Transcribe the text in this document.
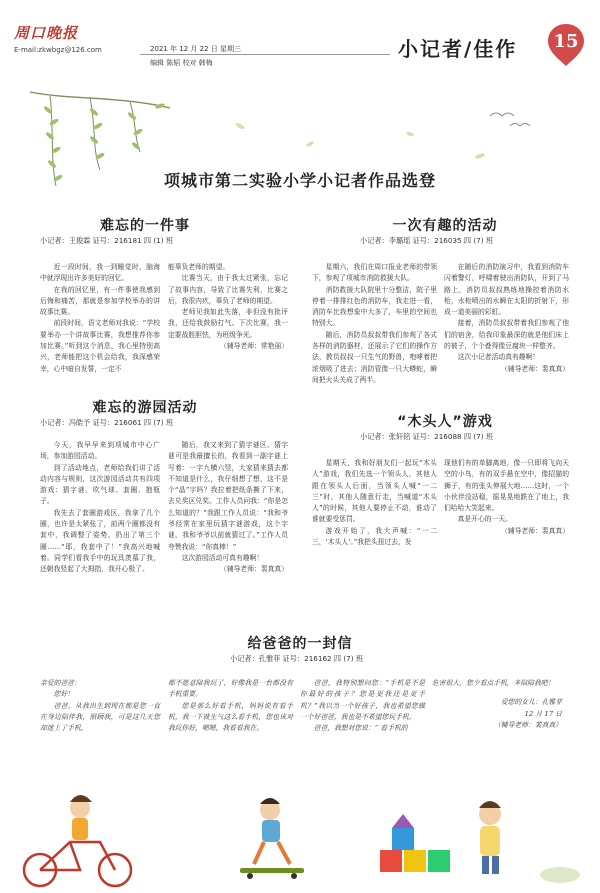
周口晚报
E-mail:zkwbgz@126.com	2021 年 12 月 22 日 星期三
编辑 陈韬 校对 韩梅
小记者/佳作	15
项城市第二实验小学小记者作品选登
难忘的一件事
小记者：王俊霖 证号：216181 四 (1) 班

近一段时间，我一到睡觉时，脑海中就浮现出许多美好的回忆。

在我的回忆里，有一件事使我感到后悔和痛苦，那就是参加学校举办的讲故事比赛。

前段时间，语文老师对我说：“学校要举办一个讲故事比赛，我想推荐你参加比赛。”听到这个消息，我心里特别高兴，老师能把这个机会给我，我深感荣幸，心中暗自发誓，一定不

能辜负老师的期望。

比赛当天，由于我太过紧张，忘记了故事内容，导致了比赛失利，比赛之后，我很内疚，辜负了老师的期望。

老师见我如此失落，非但没有批评我，还给我鼓励打气。下次比赛，我一定要战胜胆怯，为班级争光。

（辅导老师：常艳丽）

一次有趣的活动
小记者：李璐瑶 证号：216035 四 (7) 班

星期六，我们在周口报业老师的带领下，参观了项城市消防救援大队。

消防救援大队院里十分整洁，院子里停着一排排红色的消防车，我走进一看，消防车比我想象中大多了，车里的空间也特别大。

随后，消防员叔叔带我们参观了各式各样的消防器材，还展示了它们的操作方法，教员叔叔一只生气的野兽，咆哮着把浓烟吸了进去；消防管像一只大蟒蛇，瞬间把火头关成了两半。

在随后的消防演习中，我看到消防车闪着警灯，呼啸着驶出消防队，开到了马路上，消防员叔叔熟练地操控着消防水枪，水枪喷出的水瞬在太阳的折射下，形成一道美丽的彩虹。

接着，消防员叔叔带着我们参观了他们的宿舍，给我印象最深的就是他们床上的被子，个个叠得像豆腐块一样整齐。

这次小记者活动真有趣啊！

（辅导老师：裴真真）

难忘的游园活动
小记者：冯皓予 证号：216061 四 (7) 班

今天，我早早来到项城市中心广场，参加游园活动。

到了活动地点，老师给我们讲了活动内容与规则，这次游园活动共有四项游戏：猜字谜、吹气球、套圈、抱瓶子。

我先去了套圈游戏区，我拿了几个圈，也许是太紧张了，前两个圈都没有套中，我调整了姿势，扔出了第三个圈……“耶，我套中了！”我高兴地喊着。同学们看我手中的玩具羡慕了我，还朝我竖起了大拇指，我开心极了。

随后，我又来到了猜字谜区。猜字谜可是我最擅长的，我看到一副字谜上写着：一字九横六竖，大家猜来猜去都不知道是什么，我仔细想了想，这不是个“晶”字吗？我拉着把纸条撕了下来，去兑奖区兑奖。工作人员问我：“你是怎么知道的？”我跟工作人员说：“我和爷爷经常在家里玩猜字谜游戏，这个字谜，我和爷爷以前就猜过了。”工作人员夸赞我说：“你真棒！”

这次游园活动可真有趣啊！

（辅导老师：裴真真）

“木头人”游戏
小记者：张轩铭 证号：216088 四 (7) 班

星期天，我和好朋友们一起玩“木头人”游戏，我们先选一个领头人，其他人跟在领头人后面，当领头人喊“一二三”时，其他人随意行走，当喊道“木头人”的时候，其他人要停止不动，谁动了谁就要受惩罚。

游戏开始了，我大声喊：“一二三，‘木头人’。”我把头扭过去，发

现他们有的单脚离地，像一只即将飞向天空的小鸟，有的双手悬在空中，像招猫的狮子，有的张头伸展大地……这时，一个小伙伴没站稳，摇晃晃地跌在了地上，我们哈哈大笑起来。

真是开心的一天。

（辅导老师：裴真真）

给爸爸的一封信
小记者：孔雅菲 证号：216162 四 (7) 班

亲爱的爸爸：

您好！

爸爸，从我出生到现在都是您一直在身边陪伴我，照顾我，可是这几天您却迷上了手机，

都不愿意陪我玩了，好像我是一台都没有手机重要。

您是那么好看手机，妈妈说有看手机，我一下就生气这么看手机，您也该对我玩你好，嗯嗯，我看看我在。

爸爸，我特别想问您：“手机是不是你最好的孩子？您是更我还是更手机？”我以当一个好孩子，我也希望您做一个好爸爸，我也是不希望您玩手机。

爸爸，我想对您说：“ 看手机的

危害很大，您少看点手机，多陪陪我吧！

爱您的女儿：孔雅菲

12 月 17 日

（辅导老师：裴真真）
